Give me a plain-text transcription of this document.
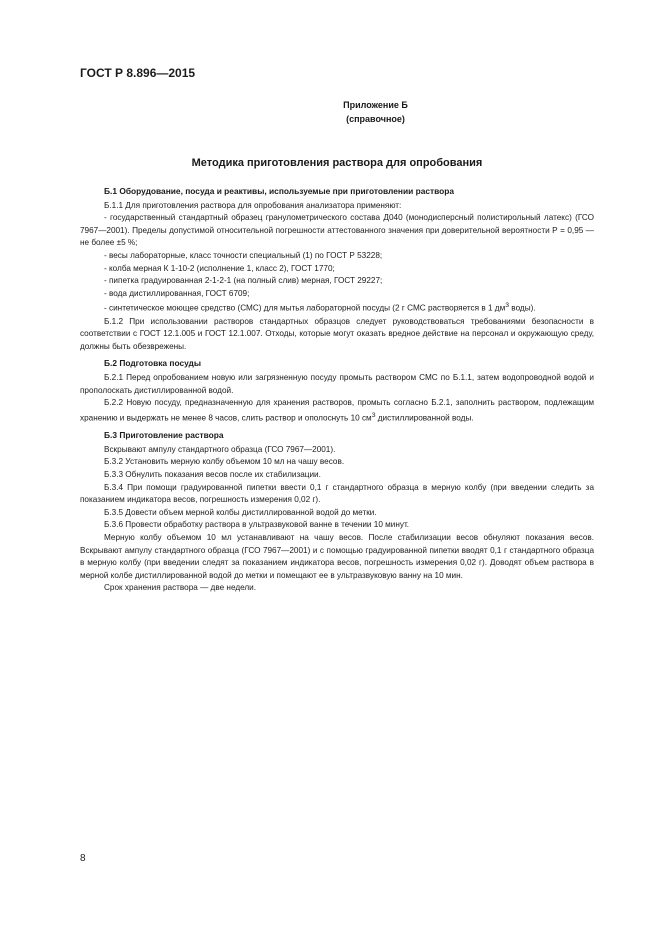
ГОСТ Р 8.896—2015
Приложение Б
(справочное)
Методика приготовления раствора для опробования
Б.1 Оборудование, посуда и реактивы, используемые при приготовлении раствора

Б.1.1 Для приготовления раствора для опробования анализатора применяют:

- государственный стандартный образец гранулометрического состава Д040 (монодисперсный полистирольный латекс) (ГСО 7967—2001). Пределы допустимой относительной погрешности аттестованного значения при доверительной вероятности Р = 0,95 — не более ±5 %;

- весы лабораторные, класс точности специальный (1) по ГОСТ Р 53228;

- колба мерная К 1-10-2 (исполнение 1, класс 2), ГОСТ 1770;

- пипетка градуированная 2-1-2-1 (на полный слив) мерная, ГОСТ 29227;

- вода дистиллированная, ГОСТ 6709;

- синтетическое моющее средство (СМС) для мытья лабораторной посуды (2 г СМС растворяется в 1 $дм^3$ воды).

Б.1.2 При использовании растворов стандартных образцов следует руководствоваться требованиями безопасности в соответствии с ГОСТ 12.1.005 и ГОСТ 12.1.007. Отходы, которые могут оказать вредное действие на персонал и окружающую среду, должны быть обезврежены.

Б.2 Подготовка посуды

Б.2.1 Перед опробованием новую или загрязненную посуду промыть раствором СМС по Б.1.1, затем водопроводной водой и прополоскать дистиллированной водой.

Б.2.2 Новую посуду, предназначенную для хранения растворов, промыть согласно Б.2.1, заполнить раствором, подлежащим хранению и выдержать не менее 8 часов, слить раствор и ополоснуть 10 $см^3$ дистиллированной воды.

Б.3 Приготовление раствора

Вскрывают ампулу стандартного образца (ГСО 7967—2001).

Б.3.2 Установить мерную колбу объемом 10 мл на чашу весов.

Б.3.3 Обнулить показания весов после их стабилизации.

Б.3.4 При помощи градуированной пипетки ввести 0,1 г стандартного образца в мерную колбу (при введении следить за показанием индикатора весов, погрешность измерения 0,02 г).

Б.3.5 Довести объем мерной колбы дистиллированной водой до метки.

Б.3.6 Провести обработку раствора в ультразвуковой ванне в течении 10 минут.

Мерную колбу объемом 10 мл устанавливают на чашу весов. После стабилизации весов обнуляют показания весов. Вскрывают ампулу стандартного образца (ГСО 7967—2001) и с помощью градуированной пипетки вводят 0,1 г стандартного образца в мерную колбу (при введении следят за показанием индикатора весов, погрешность измерения 0,02 г). Доводят объем раствора в мерной колбе дистиллированной водой до метки и помещают ее в ультразвуковую ванну на 10 мин.

Срок хранения раствора — две недели.

8
